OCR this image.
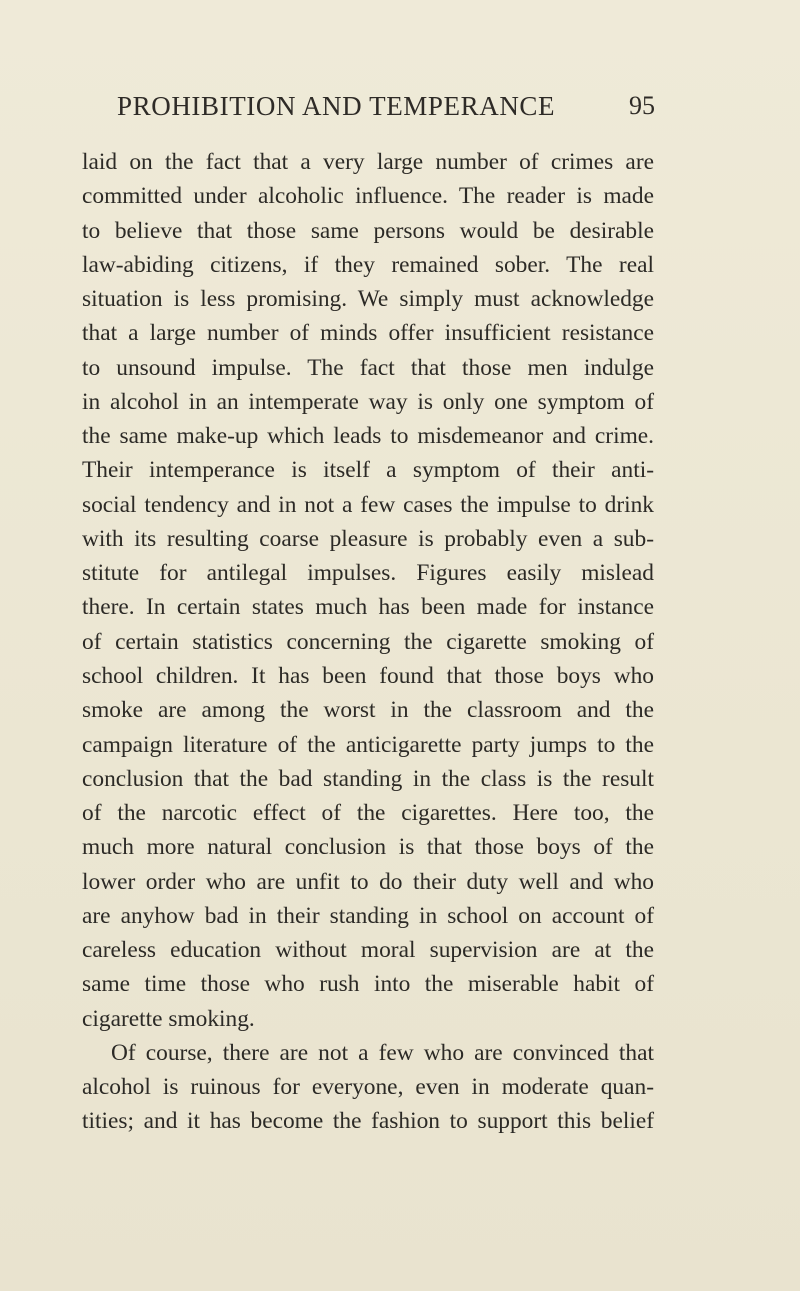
PROHIBITION AND TEMPERANCE	95
laid on the fact that a very large number of crimes are
committed under alcoholic influence. The reader is made
to believe that those same persons would be desirable
law-abiding citizens, if they remained sober. The real
situation is less promising. We simply must acknowledge
that a large number of minds offer insufficient resistance
to unsound impulse. The fact that those men indulge
in alcohol in an intemperate way is only one symptom of
the same make-up which leads to misdemeanor and crime.
Their intemperance is itself a symptom of their anti-
social tendency and in not a few cases the impulse to drink
with its resulting coarse pleasure is probably even a sub-
stitute for antilegal impulses. Figures easily mislead
there. In certain states much has been made for instance
of certain statistics concerning the cigarette smoking of
school children. It has been found that those boys who
smoke are among the worst in the classroom and the
campaign literature of the anticigarette party jumps to the
conclusion that the bad standing in the class is the result
of the narcotic effect of the cigarettes. Here too, the
much more natural conclusion is that those boys of the
lower order who are unfit to do their duty well and who
are anyhow bad in their standing in school on account of
careless education without moral supervision are at the
same time those who rush into the miserable habit of
cigarette smoking.
Of course, there are not a few who are convinced that
alcohol is ruinous for everyone, even in moderate quan-
tities; and it has become the fashion to support this belief
